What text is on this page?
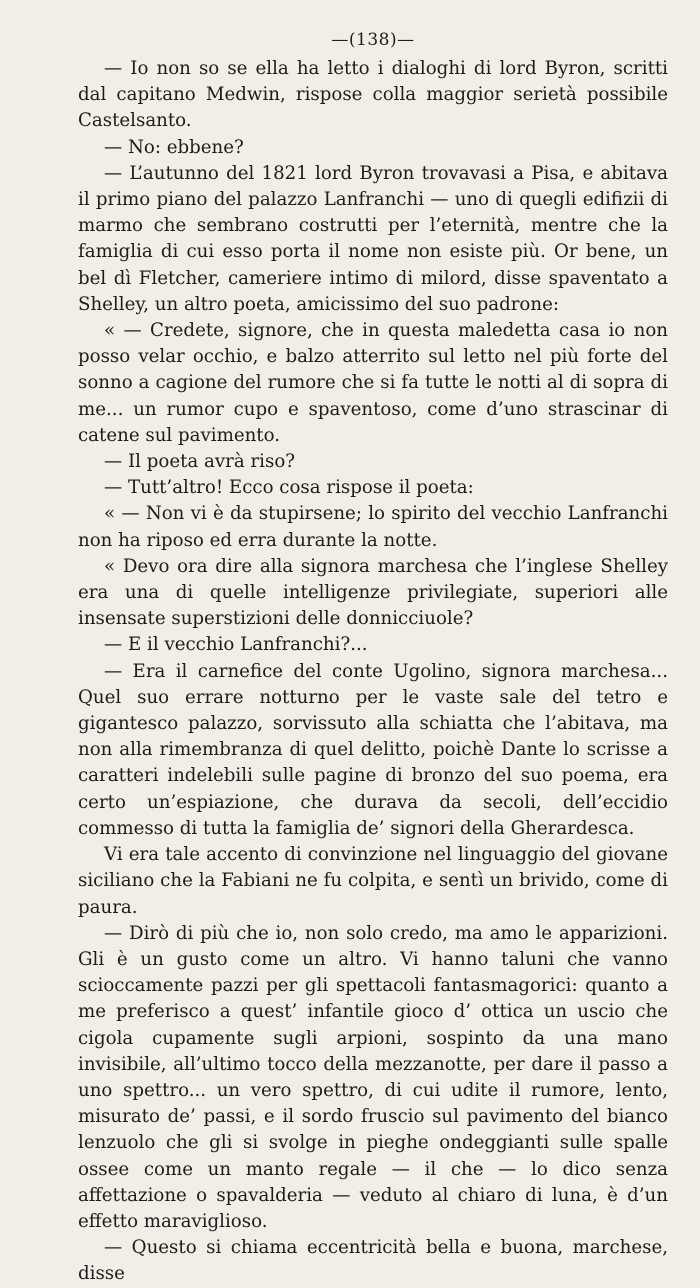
—(138)—

— Io non so se ella ha letto i dialoghi di lord Byron, scritti dal capitano Medwin, rispose colla maggior serietà possibile Castelsanto.

— No: ebbene?

— L’autunno del 1821 lord Byron trovavasi a Pisa, e abitava il primo piano del palazzo Lanfranchi — uno di quegli edifizii di marmo che sembrano costrutti per l’eternità, mentre che la famiglia di cui esso porta il nome non esiste più. Or bene, un bel dì Fletcher, cameriere intimo di milord, disse spaventato a Shelley, un altro poeta, amicissimo del suo padrone:

« — Credete, signore, che in questa maledetta casa io non posso velar occhio, e balzo atterrito sul letto nel più forte del sonno a cagione del rumore che si fa tutte le notti al di sopra di me... un rumor cupo e spaventoso, come d’uno strascinar di catene sul pavimento.

— Il poeta avrà riso?

— Tutt’altro! Ecco cosa rispose il poeta:

« — Non vi è da stupirsene; lo spirito del vecchio Lanfranchi non ha riposo ed erra durante la notte.

« Devo ora dire alla signora marchesa che l’inglese Shelley era una di quelle intelligenze privilegiate, superiori alle insensate superstizioni delle donnicciuole?

— E il vecchio Lanfranchi?...

— Era il carnefice del conte Ugolino, signora marchesa... Quel suo errare notturno per le vaste sale del tetro e gigantesco palazzo, sorvissuto alla schiatta che l’abitava, ma non alla rimembranza di quel delitto, poichè Dante lo scrisse a caratteri indelebili sulle pagine di bronzo del suo poema, era certo un’espiazione, che durava da secoli, dell’eccidio commesso di tutta la famiglia de’ signori della Gherardesca.

Vi era tale accento di convinzione nel linguaggio del giovane siciliano che la Fabiani ne fu colpita, e sentì un brivido, come di paura.

— Dirò di più che io, non solo credo, ma amo le apparizioni. Gli è un gusto come un altro. Vi hanno taluni che vanno scioccamente pazzi per gli spettacoli fantasmagorici: quanto a me preferisco a quest’ infantile gioco d’ ottica un uscio che cigola cupamente sugli arpioni, sospinto da una mano invisibile, all’ultimo tocco della mezzanotte, per dare il passo a uno spettro... un vero spettro, di cui udite il rumore, lento, misurato de’ passi, e il sordo fruscio sul pavimento del bianco lenzuolo che gli si svolge in pieghe ondeggianti sulle spalle ossee come un manto regale — il che — lo dico senza affettazione o spavalderia — veduto al chiaro di luna, è d’un effetto maraviglioso.

— Questo si chiama eccentricità bella e buona, marchese, disse
